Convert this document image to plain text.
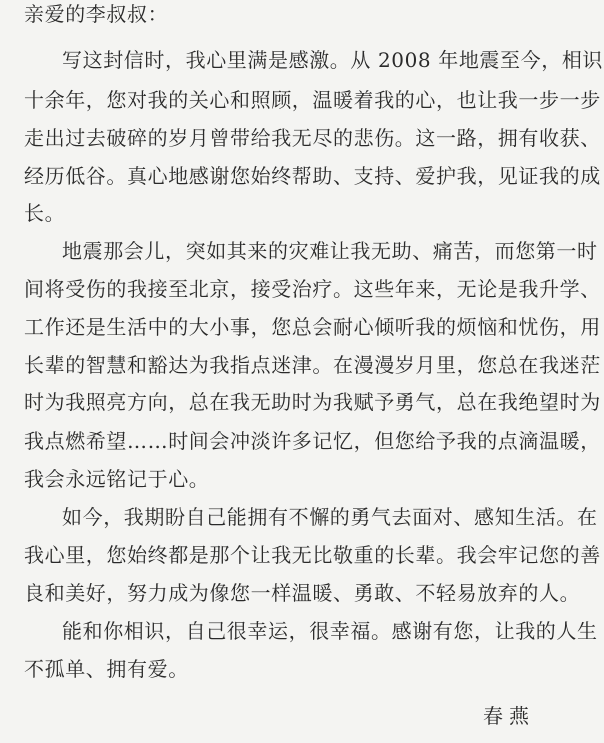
亲爱的李叔叔：
写这封信时，我心里满是感激。从 2008 年地震至今，相识
十余年，您对我的关心和照顾，温暖着我的心，也让我一步一步
走出过去破碎的岁月曾带给我无尽的悲伤。这一路，拥有收获、
经历低谷。真心地感谢您始终帮助、支持、爱护我，见证我的成
长。
地震那会儿，突如其来的灾难让我无助、痛苦，而您第一时
间将受伤的我接至北京，接受治疗。这些年来，无论是我升学、
工作还是生活中的大小事，您总会耐心倾听我的烦恼和忧伤，用
长辈的智慧和豁达为我指点迷津。在漫漫岁月里，您总在我迷茫
时为我照亮方向，总在我无助时为我赋予勇气，总在我绝望时为
我点燃希望……时间会冲淡许多记忆，但您给予我的点滴温暖，
我会永远铭记于心。
如今，我期盼自己能拥有不懈的勇气去面对、感知生活。在
我心里，您始终都是那个让我无比敬重的长辈。我会牢记您的善
良和美好，努力成为像您一样温暖、勇敢、不轻易放弃的人。
能和你相识，自己很幸运，很幸福。感谢有您，让我的人生
不孤单、拥有爱。
春燕
